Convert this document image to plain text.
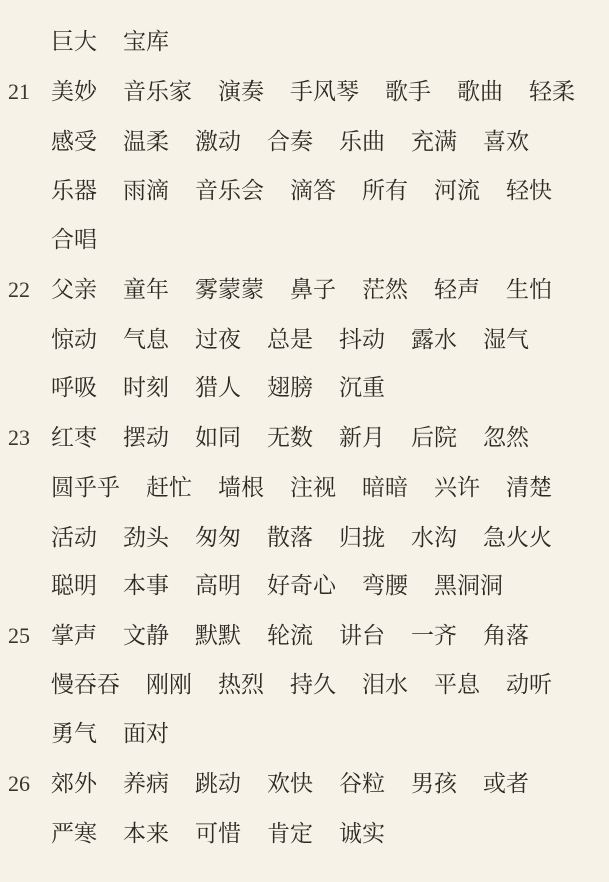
巨大 宝库
21 美妙 音乐家 演奏 手风琴 歌手 歌曲 轻柔
感受 温柔 激动 合奏 乐曲 充满 喜欢
乐器 雨滴 音乐会 滴答 所有 河流 轻快
合唱
22 父亲 童年 雾蒙蒙 鼻子 茫然 轻声 生怕
惊动 气息 过夜 总是 抖动 露水 湿气
呼吸 时刻 猎人 翅膀 沉重
23 红枣 摆动 如同 无数 新月 后院 忽然
圆乎乎 赶忙 墙根 注视 暗暗 兴许 清楚
活动 劲头 匆匆 散落 归拢 水沟 急火火
聪明 本事 高明 好奇心 弯腰 黑洞洞
25 掌声 文静 默默 轮流 讲台 一齐 角落
慢吞吞 刚刚 热烈 持久 泪水 平息 动听
勇气 面对
26 郊外 养病 跳动 欢快 谷粒 男孩 或者
严寒 本来 可惜 肯定 诚实
